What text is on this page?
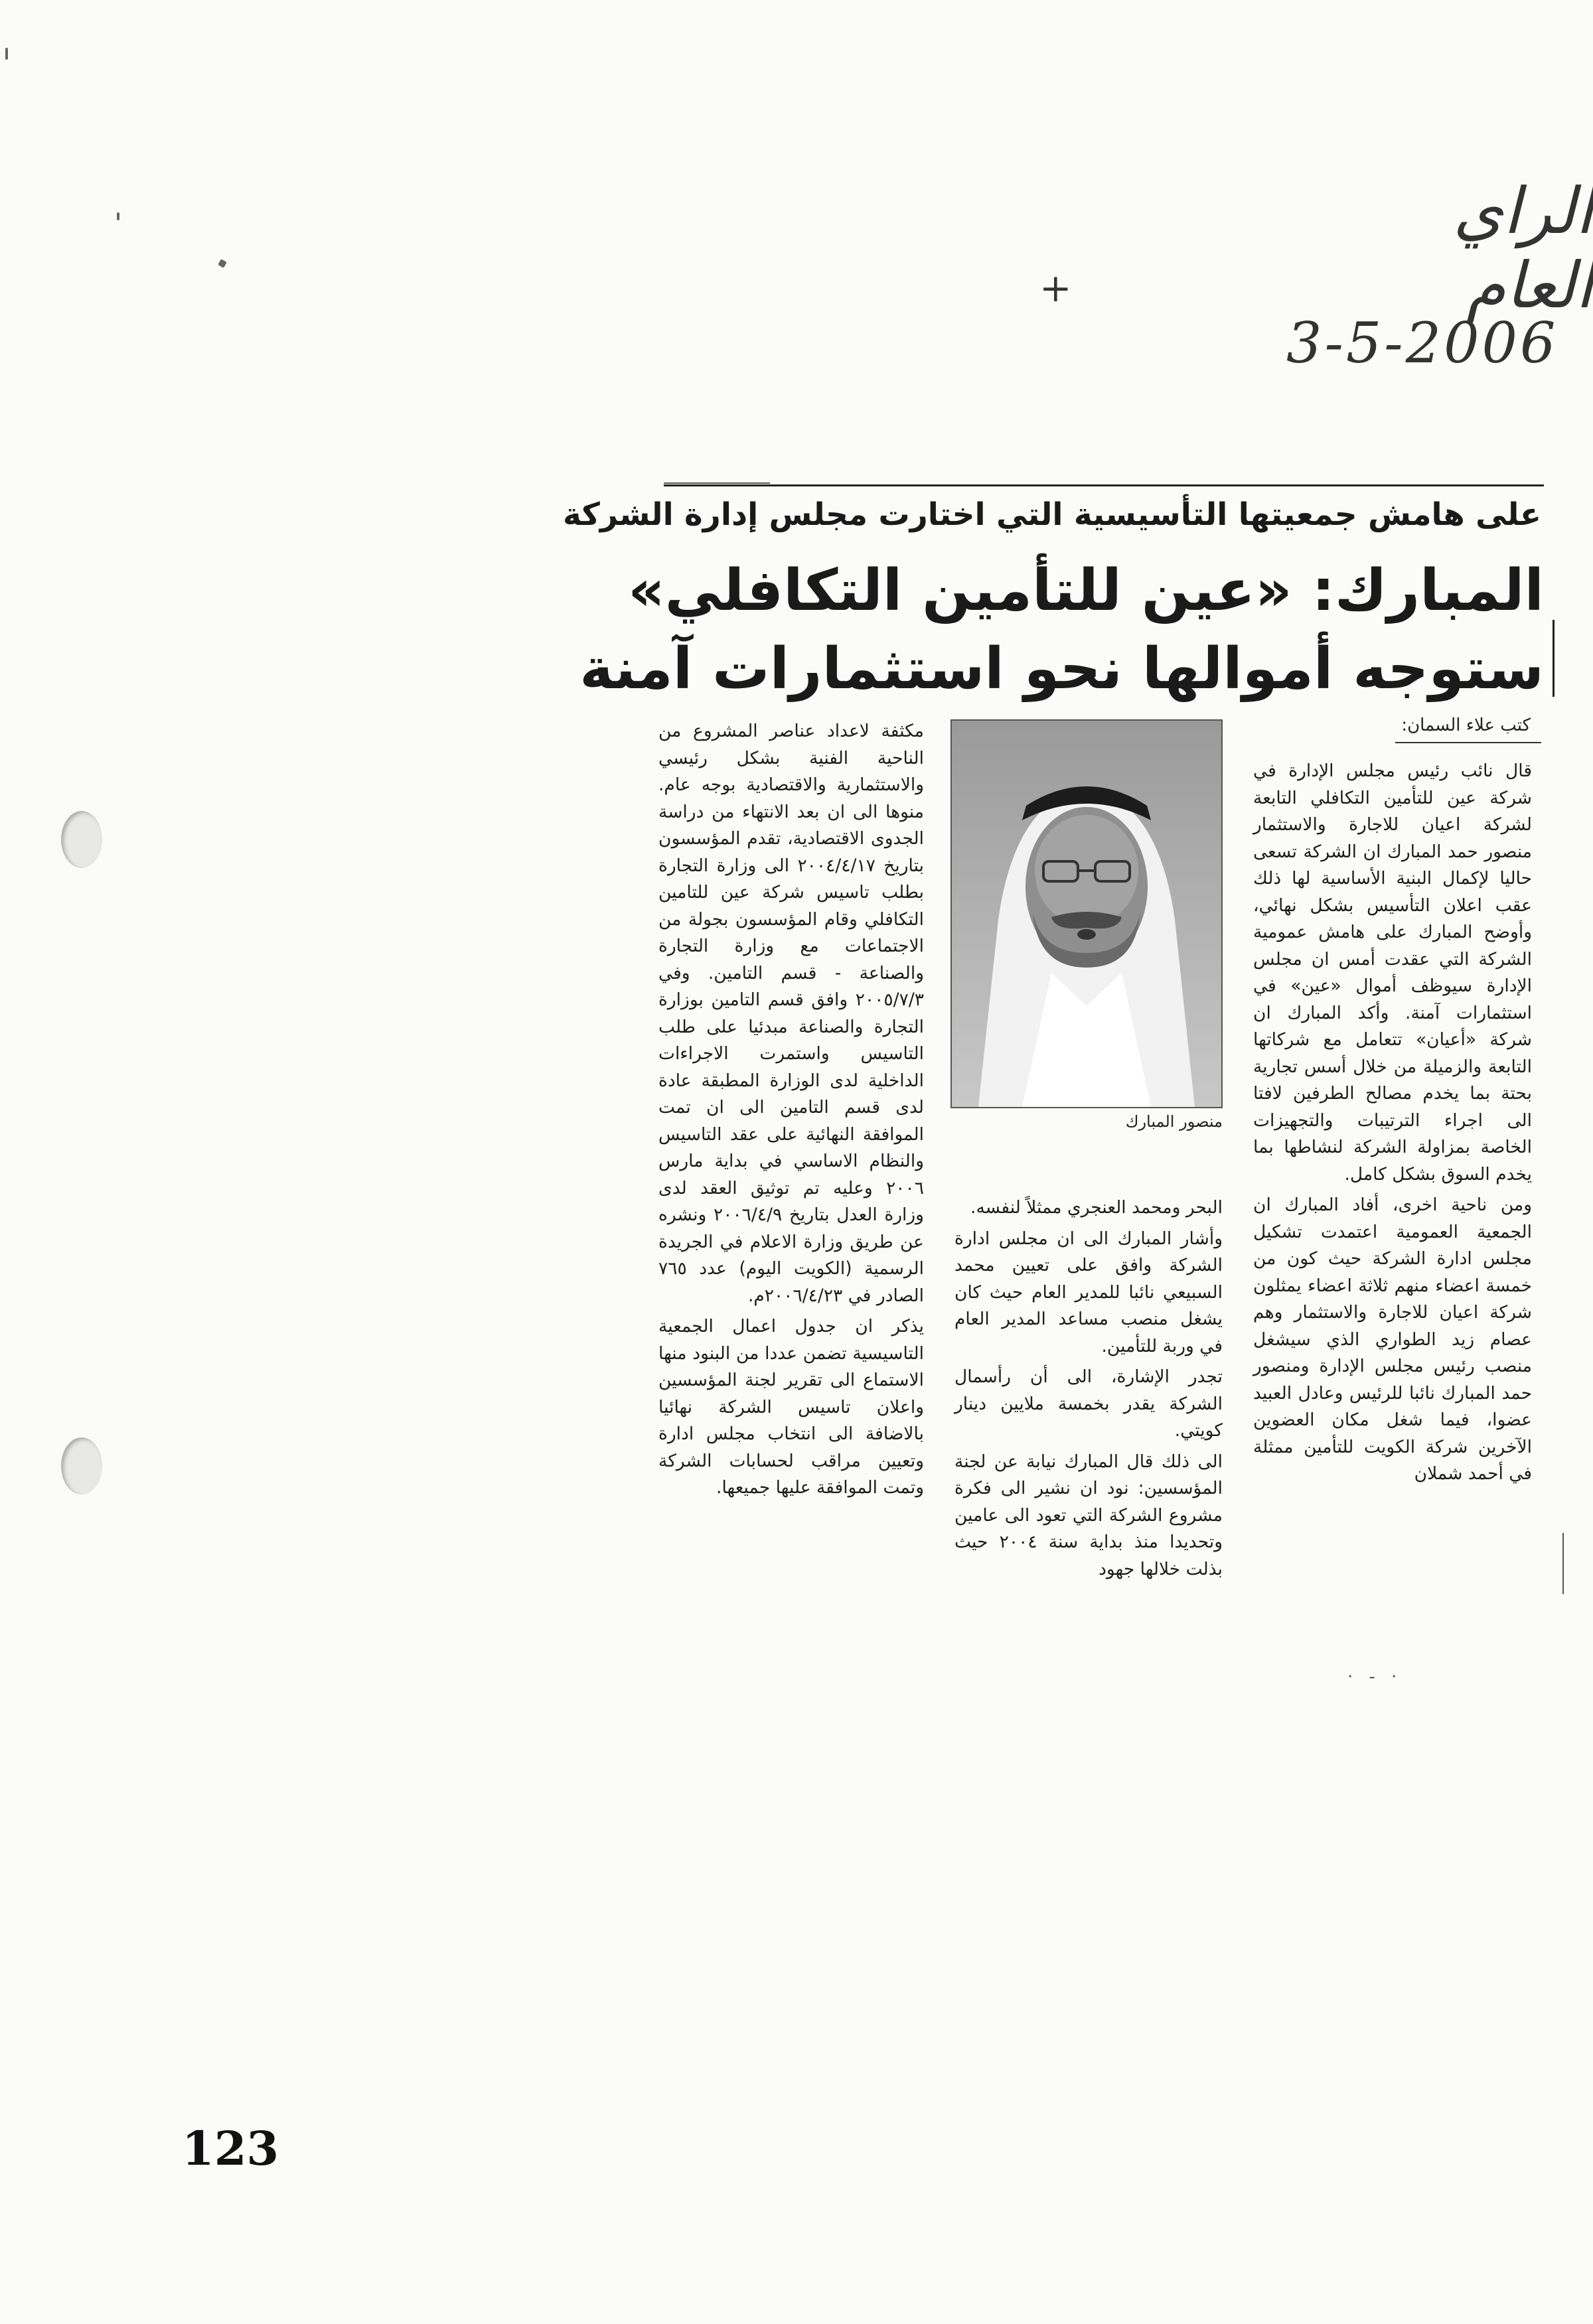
الراي العام
+
3-5-2006
على هامش جمعيتها التأسيسية التي اختارت مجلس إدارة الشركة
المبارك: «عين للتأمين التكافلي»
ستوجه أموالها نحو استثمارات آمنة
كتب علاء السمان:

قال نائب رئيس مجلس الإدارة في شركة عين للتأمين التكافلي التابعة لشركة اعيان للاجارة والاستثمار منصور حمد المبارك ان الشركة تسعى حاليا لإكمال البنية الأساسية لها ذلك عقب اعلان التأسيس بشكل نهائي، وأوضح المبارك على هامش عمومية الشركة التي عقدت أمس ان مجلس الإدارة سيوظف أموال «عين» في استثمارات آمنة. وأكد المبارك ان شركة «أعيان» تتعامل مع شركاتها التابعة والزميلة من خلال أسس تجارية بحتة بما يخدم مصالح الطرفين لافتا الى اجراء الترتيبات والتجهيزات الخاصة بمزاولة الشركة لنشاطها بما يخدم السوق بشكل كامل.

ومن ناحية اخرى، أفاد المبارك ان الجمعية العمومية اعتمدت تشكيل مجلس ادارة الشركة حيث كون من خمسة اعضاء منهم ثلاثة اعضاء يمثلون شركة اعيان للاجارة والاستثمار وهم عصام زيد الطواري الذي سيشغل منصب رئيس مجلس الإدارة ومنصور حمد المبارك نائبا للرئيس وعادل العبيد عضوا، فيما شغل مكان العضوين الآخرين شركة الكويت للتأمين ممثلة في أحمد شملان

منصور المبارك

البحر ومحمد العنجري ممثلاً لنفسه.

وأشار المبارك الى ان مجلس ادارة الشركة وافق على تعيين محمد السبيعي نائبا للمدير العام حيث كان يشغل منصب مساعد المدير العام في وربة للتأمين.

تجدر الإشارة، الى أن رأسمال الشركة يقدر بخمسة ملايين دينار كويتي.

الى ذلك قال المبارك نيابة عن لجنة المؤسسين: نود ان نشير الى فكرة مشروع الشركة التي تعود الى عامين وتحديدا منذ بداية سنة ٢٠٠٤ حيث بذلت خلالها جهود

مكثفة لاعداد عناصر المشروع من الناحية الفنية بشكل رئيسي والاستثمارية والاقتصادية بوجه عام. منوها الى ان بعد الانتهاء من دراسة الجدوى الاقتصادية، تقدم المؤسسون بتاريخ ٢٠٠٤/٤/١٧ الى وزارة التجارة بطلب تاسيس شركة عين للتامين التكافلي وقام المؤسسون بجولة من الاجتماعات مع وزارة التجارة والصناعة - قسم التامين. وفي ٢٠٠٥/٧/٣ وافق قسم التامين بوزارة التجارة والصناعة مبدئيا على طلب التاسيس واستمرت الاجراءات الداخلية لدى الوزارة المطبقة عادة لدى قسم التامين الى ان تمت الموافقة النهائية على عقد التاسيس والنظام الاساسي في بداية مارس ٢٠٠٦ وعليه تم توثيق العقد لدى وزارة العدل بتاريخ ٢٠٠٦/٤/٩ ونشره عن طريق وزارة الاعلام في الجريدة الرسمية (الكويت اليوم) عدد ٧٦٥ الصادر في ٢٠٠٦/٤/٢٣م.

يذكر ان جدول اعمال الجمعية التاسيسية تضمن عددا من البنود منها الاستماع الى تقرير لجنة المؤسسين واعلان تاسيس الشركة نهائيا بالاضافة الى انتخاب مجلس ادارة وتعيين مراقب لحسابات الشركة وتمت الموافقة عليها جميعها.

· - ·
123
